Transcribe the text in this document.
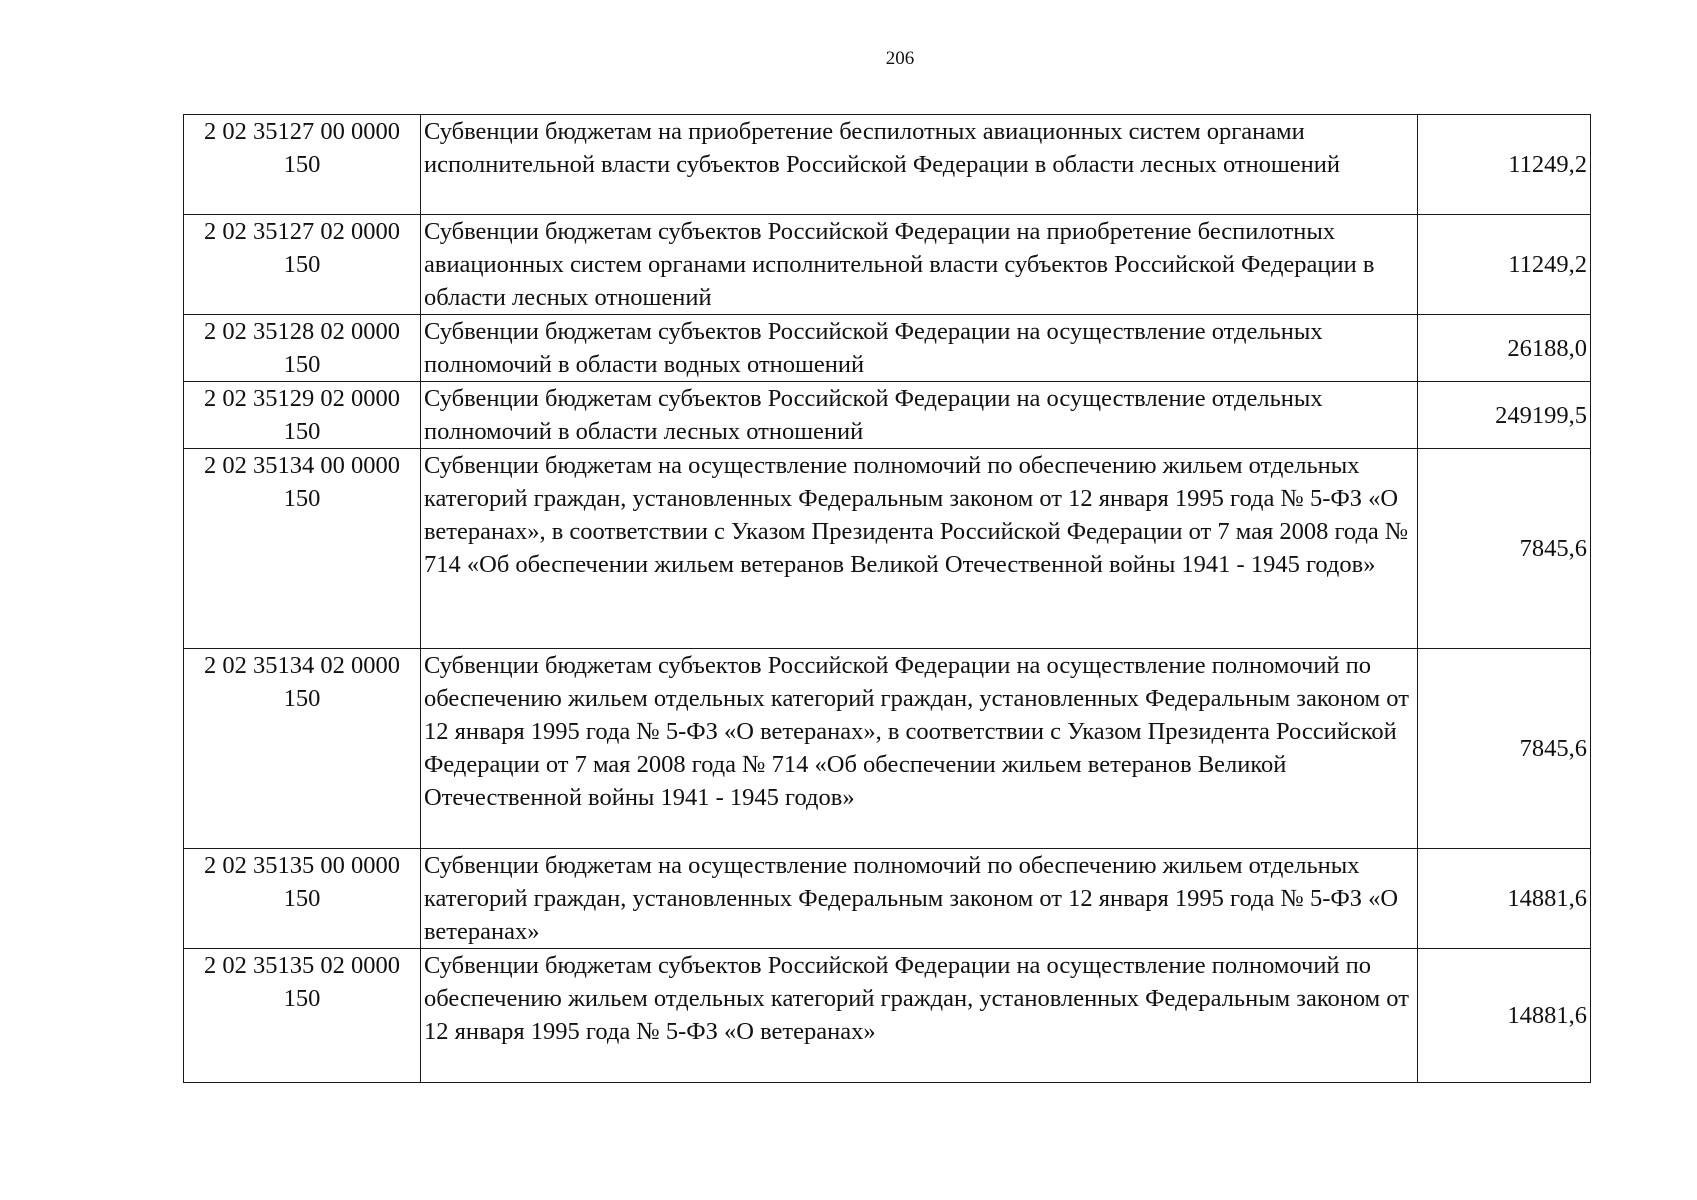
206
2 02 35127 00 0000
150	Субвенции бюджетам на приобретение беспилотных авиационных систем органами исполнительной власти субъектов Российской Федерации в области лесных отношений	11249,2

2 02 35127 02 0000
150	Субвенции бюджетам субъектов Российской Федерации на приобретение беспилотных авиационных систем органами исполнительной власти субъектов Российской Федерации в области лесных отношений	11249,2

2 02 35128 02 0000
150	Субвенции бюджетам субъектов Российской Федерации на осуществление отдельных полномочий в области водных отношений	26188,0

2 02 35129 02 0000
150	Субвенции бюджетам субъектов Российской Федерации на осуществление отдельных полномочий в области лесных отношений	249199,5

2 02 35134 00 0000
150	Субвенции бюджетам на осуществление полномочий по обеспечению жильем отдельных категорий граждан, установленных Федеральным законом от 12 января 1995 года № 5-ФЗ «О ветеранах», в соответствии с Указом Президента Российской Федерации от 7 мая 2008 года № 714 «Об обеспечении жильем ветеранов Великой Отечественной войны 1941 - 1945 годов»	7845,6

2 02 35134 02 0000
150	Субвенции бюджетам субъектов Российской Федерации на осуществление полномочий по обеспечению жильем отдельных категорий граждан, установленных Федеральным законом от 12 января 1995 года № 5-ФЗ «О ветеранах», в соответствии с Указом Президента Российской Федерации от 7 мая 2008 года № 714 «Об обеспечении жильем ветеранов Великой Отечественной войны 1941 - 1945 годов»	7845,6

2 02 35135 00 0000
150	Субвенции бюджетам на осуществление полномочий по обеспечению жильем отдельных категорий граждан, установленных Федеральным законом от 12 января 1995 года № 5-ФЗ «О ветеранах»	14881,6

2 02 35135 02 0000
150	Субвенции бюджетам субъектов Российской Федерации на осуществление полномочий по обеспечению жильем отдельных категорий граждан, установленных Федеральным законом от 12 января 1995 года № 5-ФЗ «О ветеранах»	14881,6
